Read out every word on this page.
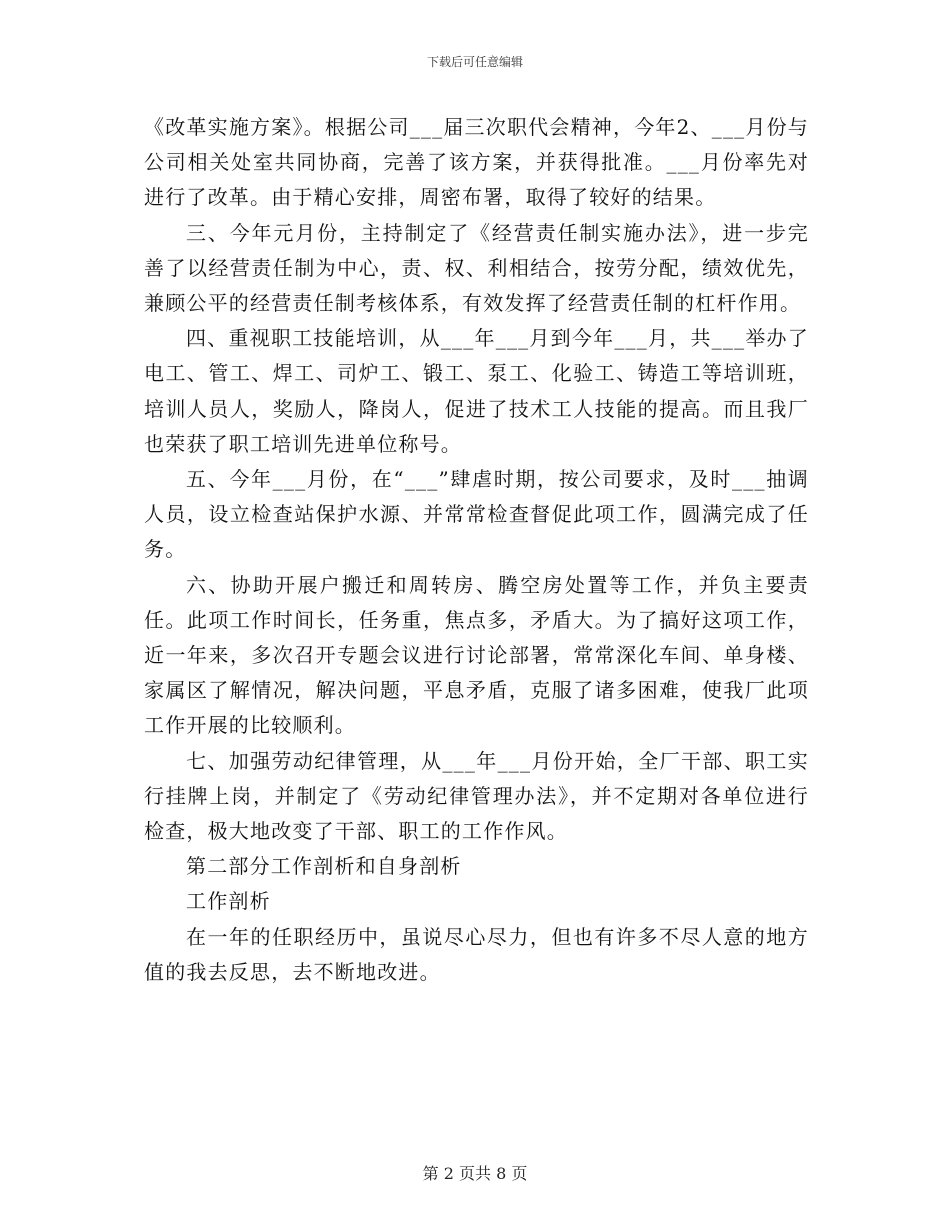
下载后可任意编辑

《改革实施方案》。根据公司___届三次职代会精神，今年2、___月份与公司相关处室共同协商，完善了该方案，并获得批准。___月份率先对进行了改革。由于精心安排，周密布署，取得了较好的结果。

三、今年元月份，主持制定了《经营责任制实施办法》，进一步完善了以经营责任制为中心，责、权、利相结合，按劳分配，绩效优先，兼顾公平的经营责任制考核体系，有效发挥了经营责任制的杠杆作用。

四、重视职工技能培训，从___年___月到今年___月，共___举办了电工、管工、焊工、司炉工、锻工、泵工、化验工、铸造工等培训班，培训人员人，奖励人，降岗人，促进了技术工人技能的提高。而且我厂也荣获了职工培训先进单位称号。

五、今年___月份，在“___”肆虐时期，按公司要求，及时___抽调人员，设立检查站保护水源、并常常检查督促此项工作，圆满完成了任务。

六、协助开展户搬迁和周转房、腾空房处置等工作，并负主要责任。此项工作时间长，任务重，焦点多，矛盾大。为了搞好这项工作，近一年来，多次召开专题会议进行讨论部署，常常深化车间、单身楼、家属区了解情况，解决问题，平息矛盾，克服了诸多困难，使我厂此项工作开展的比较顺利。

七、加强劳动纪律管理，从___年___月份开始，全厂干部、职工实行挂牌上岗，并制定了《劳动纪律管理办法》，并不定期对各单位进行检查，极大地改变了干部、职工的工作作风。

第二部分工作剖析和自身剖析

工作剖析

在一年的任职经历中，虽说尽心尽力，但也有许多不尽人意的地方值的我去反思，去不断地改进。

第 2 页共 8 页
